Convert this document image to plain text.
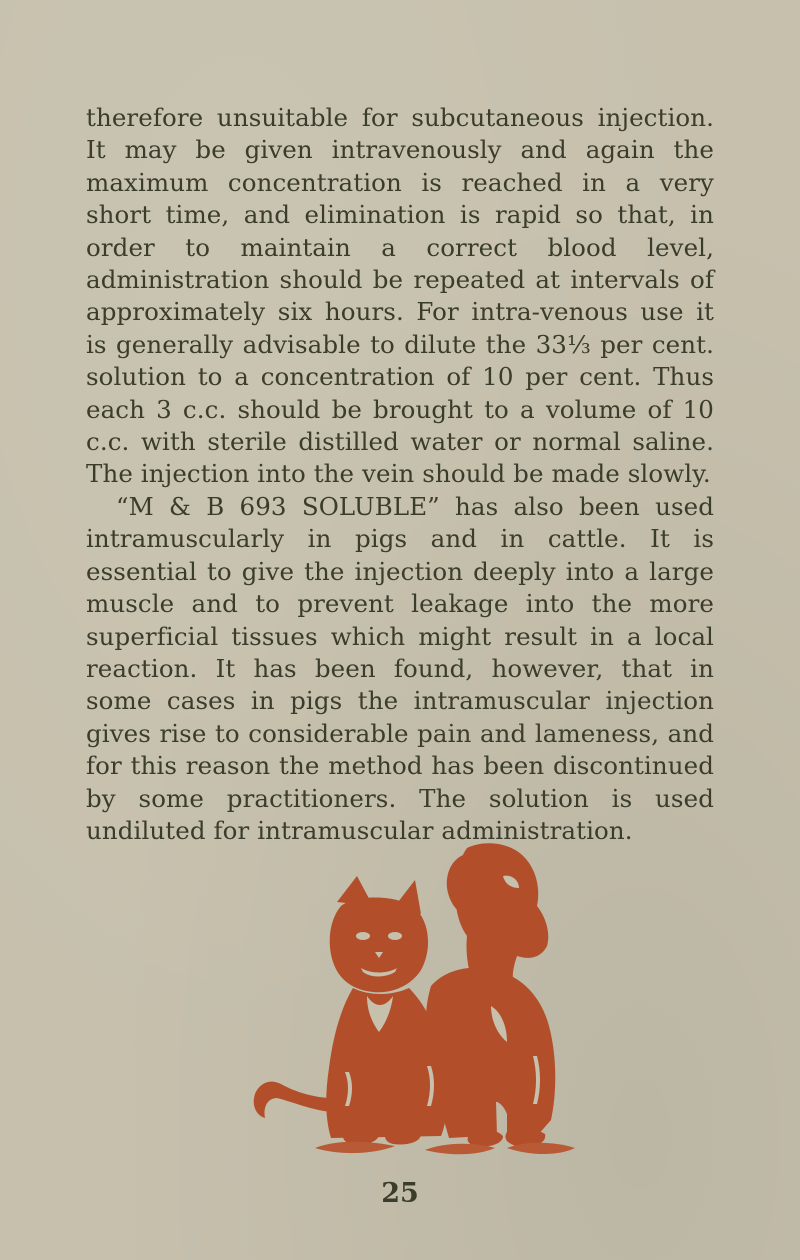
therefore unsuitable for subcutaneous injection. It may be given intravenously and again the maximum concentration is reached in a very short time, and elimination is rapid so that, in order to maintain a correct blood level, administration should be repeated at intervals of approximately six hours. For intra-venous use it is generally advisable to dilute the 33⅓ per cent. solution to a concentration of 10 per cent. Thus each 3 c.c. should be brought to a volume of 10 c.c. with sterile distilled water or normal saline. The injection into the vein should be made slowly.

“M & B 693 SOLUBLE” has also been used intramuscularly in pigs and in cattle. It is essential to give the injection deeply into a large muscle and to prevent leakage into the more superficial tissues which might result in a local reaction. It has been found, however, that in some cases in pigs the intramuscular injection gives rise to considerable pain and lameness, and for this reason the method has been discontinued by some practitioners. The solution is used undiluted for intramuscular administration.

25
